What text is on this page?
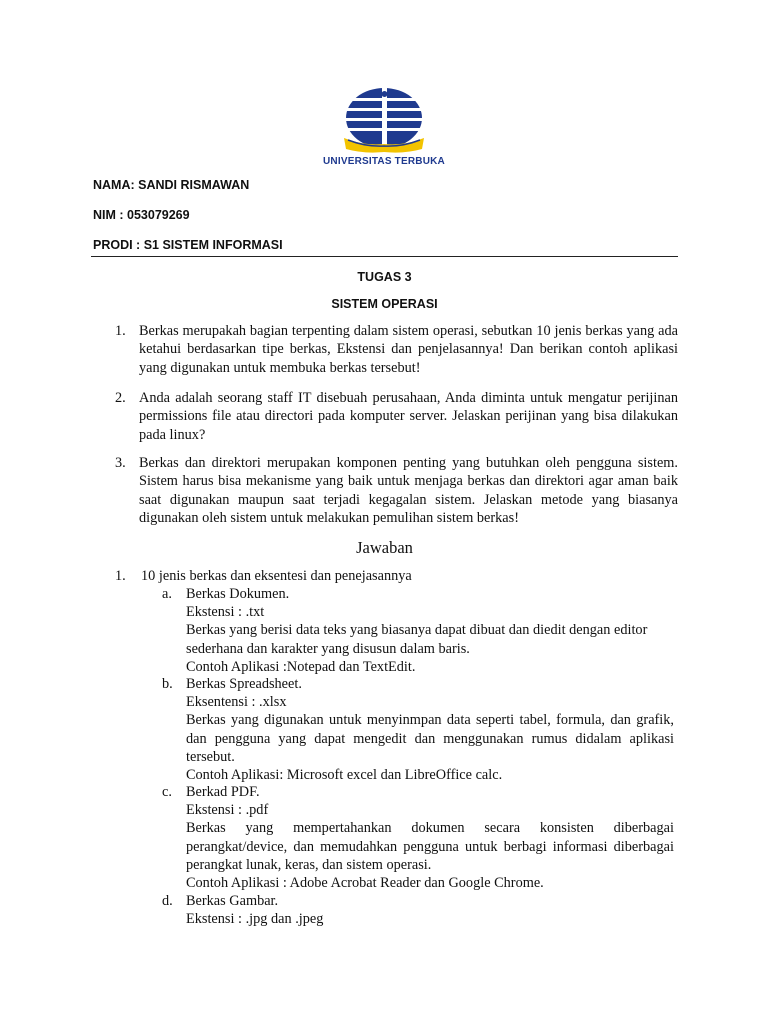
UNIVERSITAS TERBUKA
NAMA: SANDI RISMAWAN
NIM : 053079269
PRODI : S1 SISTEM INFORMASI
TUGAS 3
SISTEM OPERASI
1. Berkas merupakah bagian terpenting dalam sistem operasi, sebutkan 10 jenis berkas yang ada ketahui berdasarkan tipe berkas, Ekstensi dan penjelasannya! Dan berikan contoh aplikasi yang digunakan untuk membuka berkas tersebut!
2. Anda adalah seorang staff IT disebuah perusahaan, Anda diminta untuk mengatur perijinan permissions file atau directori pada komputer server. Jelaskan perijinan yang bisa dilakukan pada linux?
3. Berkas dan direktori merupakan komponen penting yang butuhkan oleh pengguna sistem. Sistem harus bisa mekanisme yang baik untuk menjaga berkas dan direktori agar aman baik saat digunakan maupun saat terjadi kegagalan sistem. Jelaskan metode yang biasanya digunakan oleh sistem untuk melakukan pemulihan sistem berkas!
Jawaban
1. 10 jenis berkas dan eksentesi dan penejasannya
a. Berkas Dokumen.
Ekstensi : .txt
Berkas yang berisi data teks yang biasanya dapat dibuat dan diedit dengan editor sederhana dan karakter yang disusun dalam baris.
Contoh Aplikasi :Notepad dan TextEdit.
b. Berkas Spreadsheet.
Eksentensi : .xlsx
Berkas yang digunakan untuk menyinmpan data seperti tabel, formula, dan grafik, dan pengguna yang dapat mengedit dan menggunakan rumus didalam aplikasi tersebut.
Contoh Aplikasi: Microsoft excel dan LibreOffice calc.
c. Berkad PDF.
Ekstensi : .pdf
Berkas yang mempertahankan dokumen secara konsisten diberbagai perangkat/device, dan memudahkan pengguna untuk berbagi informasi diberbagai perangkat lunak, keras, dan sistem operasi.
Contoh Aplikasi : Adobe Acrobat Reader dan Google Chrome.
d. Berkas Gambar.
Ekstensi : .jpg dan .jpeg
